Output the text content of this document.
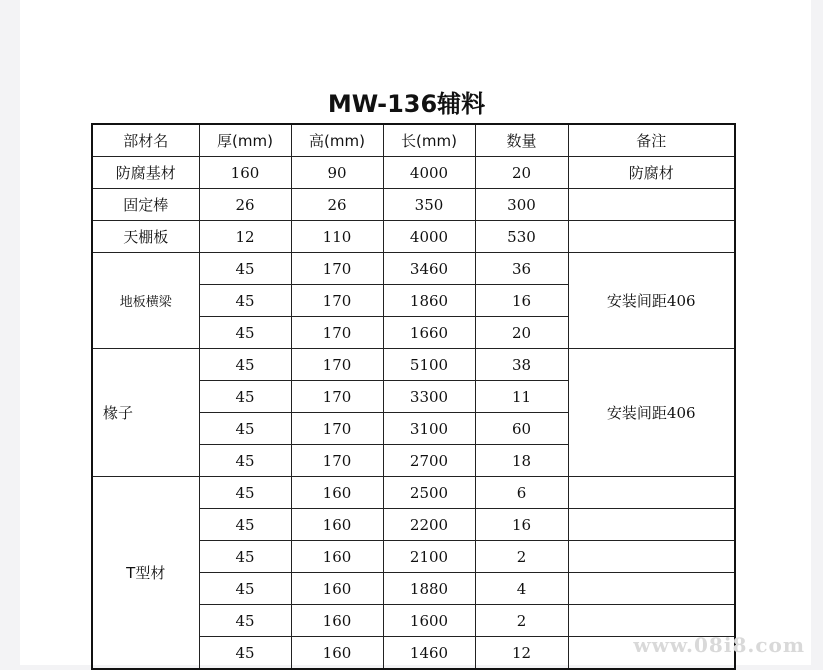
MW-136辅料
部材名	厚(mm)	高(mm)	长(mm)	数量	备注
防腐基材	160	90	4000	20	防腐材
固定棒	26	26	350	300	
天棚板	12	110	4000	530	
地板横梁	45	170	3460	36	安装间距406
	45	170	1860	16	
	45	170	1660	20	
椽子	45	170	5100	38	安装间距406
	45	170	3300	11	
	45	170	3100	60	
	45	170	2700	18	
T型材	45	160	2500	6	
	45	160	2200	16	
	45	160	2100	2	
	45	160	1880	4	
	45	160	1600	2	
	45	160	1460	12		www.08i8.com
